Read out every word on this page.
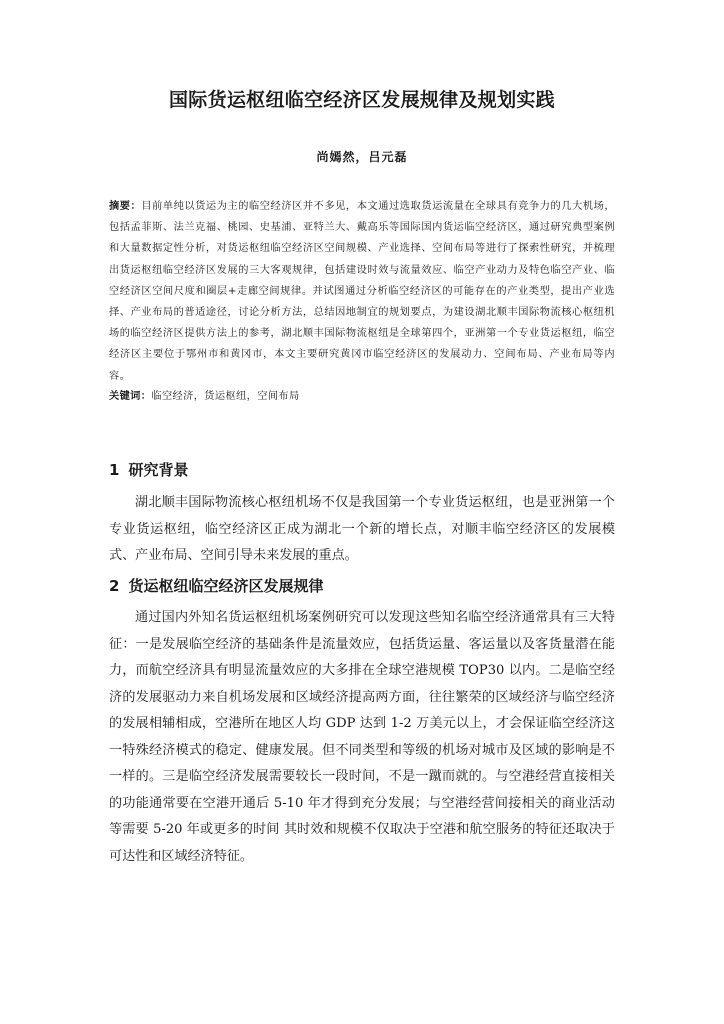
国际货运枢纽临空经济区发展规律及规划实践
尚嫣然，吕元磊
摘要：目前单纯以货运为主的临空经济区并不多见，本文通过选取货运流量在全球具有竞争力的几大机场，包括孟菲斯、法兰克福、桃园、史基浦、亚特兰大、戴高乐等国际国内货运临空经济区，通过研究典型案例和大量数据定性分析，对货运枢纽临空经济区空间规模、产业选择、空间布局等进行了探索性研究，并梳理出货运枢纽临空经济区发展的三大客观规律，包括建设时效与流量效应、临空产业动力及特色临空产业、临空经济区空间尺度和圈层+走廊空间规律。并试图通过分析临空经济区的可能存在的产业类型，提出产业选择、产业布局的普适途径，讨论分析方法，总结因地制宜的规划要点，为建设湖北顺丰国际物流核心枢纽机场的临空经济区提供方法上的参考，湖北顺丰国际物流枢纽是全球第四个，亚洲第一个专业货运枢纽，临空经济区主要位于鄂州市和黄冈市，本文主要研究黄冈市临空经济区的发展动力、空间布局、产业布局等内容。
关键词：临空经济，货运枢纽，空间布局
1 研究背景
湖北顺丰国际物流核心枢纽机场不仅是我国第一个专业货运枢纽，也是亚洲第一个专业货运枢纽，临空经济区正成为湖北一个新的增长点，对顺丰临空经济区的发展模式、产业布局、空间引导未来发展的重点。
2 货运枢纽临空经济区发展规律
通过国内外知名货运枢纽机场案例研究可以发现这些知名临空经济通常具有三大特征：一是发展临空经济的基础条件是流量效应，包括货运量、客运量以及客货量潜在能力，而航空经济具有明显流量效应的大多排在全球空港规模 TOP30 以内。二是临空经济的发展驱动力来自机场发展和区域经济提高两方面，往往繁荣的区域经济与临空经济的发展相辅相成，空港所在地区人均 GDP 达到 1-2 万美元以上，才会保证临空经济这一特殊经济模式的稳定、健康发展。但不同类型和等级的机场对城市及区域的影响是不一样的。三是临空经济发展需要较长一段时间，不是一蹴而就的。与空港经营直接相关的功能通常要在空港开通后 5-10 年才得到充分发展；与空港经营间接相关的商业活动等需要 5-20 年或更多的时间 其时效和规模不仅取决于空港和航空服务的特征还取决于可达性和区域经济特征。
